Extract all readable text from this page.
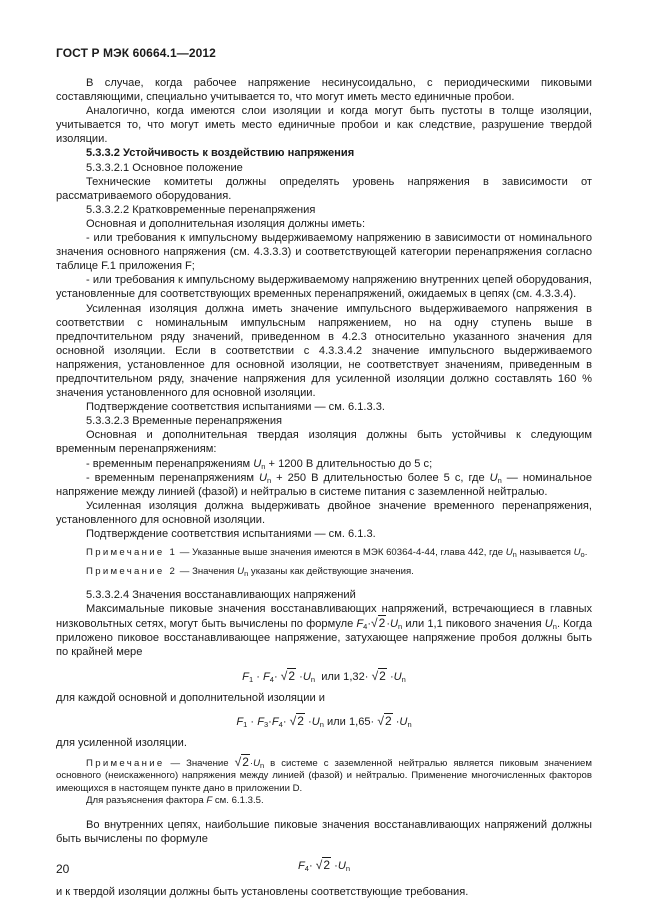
ГОСТ Р МЭК 60664.1—2012

В случае, когда рабочее напряжение несинусоидально, с периодическими пиковыми составляющими, специально учитывается то, что могут иметь место единичные пробои.

Аналогично, когда имеются слои изоляции и когда могут быть пустоты в толще изоляции, учитывается то, что могут иметь место единичные пробои и как следствие, разрушение твердой изоляции.

5.3.3.2 Устойчивость к воздействию напряжения

5.3.3.2.1 Основное положение

Технические комитеты должны определять уровень напряжения в зависимости от рассматриваемого оборудования.

5.3.3.2.2 Кратковременные перенапряжения

Основная и дополнительная изоляция должны иметь:

- или требования к импульсному выдерживаемому напряжению в зависимости от номинального значения основного напряжения (см. 4.3.3.3) и соответствующей категории перенапряжения согласно таблице F.1 приложения F;

- или требования к импульсному выдерживаемому напряжению внутренних цепей оборудования, установленные для соответствующих временных перенапряжений, ожидаемых в цепях (см. 4.3.3.4).

Усиленная изоляция должна иметь значение импульсного выдерживаемого напряжения в соответствии с номинальным импульсным напряжением, но на одну ступень выше в предпочтительном ряду значений, приведенном в 4.2.3 относительно указанного значения для основной изоляции. Если в соответствии с 4.3.3.4.2 значение импульсного выдерживаемого напряжения, установленное для основной изоляции, не соответствует значениям, приведенным в предпочтительном ряду, значение напряжения для усиленной изоляции должно составлять 160 % значения установленного для основной изоляции.

Подтверждение соответствия испытаниями — см. 6.1.3.3.

5.3.3.2.3 Временные перенапряжения

Основная и дополнительная твердая изоляция должны быть устойчивы к следующим временным перенапряжениям:

- временным перенапряжениям $U_n + 1200$ В длительностью до 5 с;

- временным перенапряжениям $U_n + 250$ В длительностью более 5 с, где $U_n$ — номинальное напряжение между линией (фазой) и нейтралью в системе питания с заземленной нейтралью.

Усиленная изоляция должна выдерживать двойное значение временного перенапряжения, установленного для основной изоляции.

Подтверждение соответствия испытаниями — см. 6.1.3.

Примечание 1 — Указанные выше значения имеются в МЭК 60364-4-44, глава 442, где $U_n$ называется $U_o$.

Примечание 2 — Значения $U_n$ указаны как действующие значения.

5.3.3.2.4 Значения восстанавливающих напряжений

Максимальные пиковые значения восстанавливающих напряжений, встречающиеся в главных низковольтных сетях, могут быть вычислены по формуле $F_4\cdot√2\cdot U_n$ или 1,1 пикового значения $U_n$. Когда приложено пиковое восстанавливающее напряжение, затухающее напряжение пробоя должны быть по крайней мере

$F_1 \cdot F_4\cdot √2 \cdot U_n$ или $1,32\cdot √2 \cdot U_n$

для каждой основной и дополнительной изоляции и

$F_1 \cdot F_3\cdot F_4\cdot √2 \cdot U_n$ или $1,65\cdot √2 \cdot U_n$

для усиленной изоляции.

Примечание — Значение $√2\cdot U_n$ в системе с заземленной нейтралью является пиковым значением основного (неискаженного) напряжения между линией (фазой) и нейтралью. Применение многочисленных факторов имеющихся в настоящем пункте дано в приложении D.

Для разъяснения фактора F см. 6.1.3.5.

Во внутренних цепях, наибольшие пиковые значения восстанавливающих напряжений должны быть вычислены по формуле

$F_4\cdot √2 \cdot U_n$

и к твердой изоляции должны быть установлены соответствующие требования.

20
